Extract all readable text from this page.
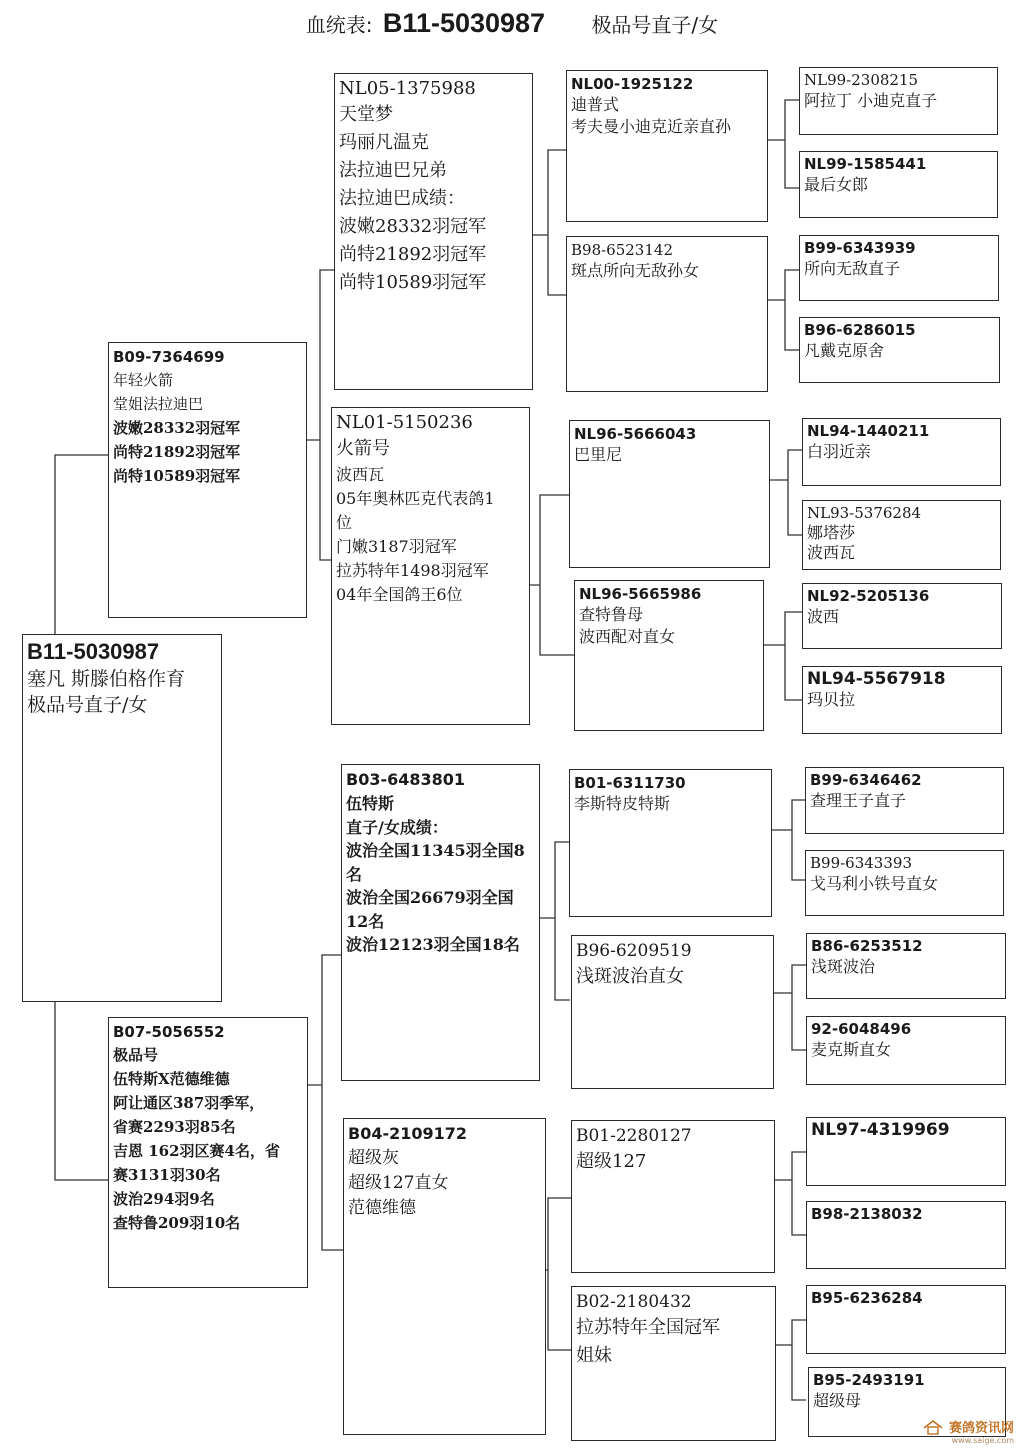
血统表: B11-5030987 极品号直子/女
B11-5030987
塞凡 斯滕伯格作育
极品号直子/女
B09-7364699
年轻火箭
堂姐法拉迪巴
波嫩28332羽冠军
尚特21892羽冠军
尚特10589羽冠军
B07-5056552
极品号
伍特斯X范德维德
阿让通区387羽季军，
省赛2293羽85名
吉恩 162羽区赛4名，省
赛3131羽30名
波治294羽9名
查特鲁209羽10名
NL05-1375988
天堂梦
玛丽凡温克
法拉迪巴兄弟
法拉迪巴成绩：
波嫩28332羽冠军
尚特21892羽冠军
尚特10589羽冠军
NL01-5150236
火箭号
波西瓦
05年奥林匹克代表鸽1
位
门嫩3187羽冠军
拉苏特年1498羽冠军
04年全国鸽王6位
B03-6483801
伍特斯
直子/女成绩：
波治全国11345羽全国8
名
波治全国26679羽全国
12名
波治12123羽全国18名
B04-2109172
超级灰
超级127直女
范德维德
NL00-1925122
迪普式
考夫曼小迪克近亲直孙
B98-6523142
斑点所向无敌孙女
NL96-5666043
巴里尼
NL96-5665986
查特鲁母
波西配对直女
B01-6311730
李斯特皮特斯
B96-6209519
浅斑波治直女
B01-2280127
超级127
B02-2180432
拉苏特年全国冠军
姐妹
NL99-2308215
阿拉丁 小迪克直子
NL99-1585441
最后女郎
B99-6343939
所向无敌直子
B96-6286015
凡戴克原舍
NL94-1440211
白羽近亲
NL93-5376284
娜塔莎
波西瓦
NL92-5205136
波西
NL94-5567918
玛贝拉
B99-6346462
查理王子直子
B99-6343393
戈马利小铁号直女
B86-6253512
浅斑波治
92-6048496
麦克斯直女
NL97-4319969
B98-2138032
B95-6236284
B95-2493191
超级母
赛鸽资讯网
www.saige.com
